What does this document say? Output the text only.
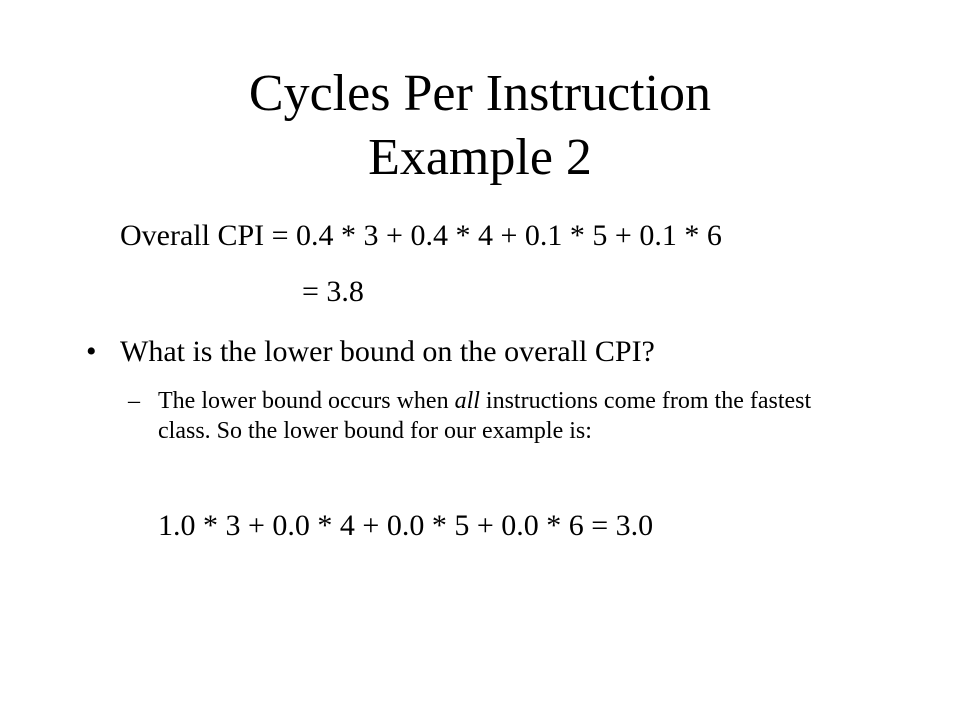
Cycles Per Instruction
Example 2
Overall CPI = 0.4 * 3 + 0.4 * 4 + 0.1 * 5 + 0.1 * 6
= 3.8
• What is the lower bound on the overall CPI?
– The lower bound occurs when all instructions come from the fastest class. So the lower bound for our example is:
1.0 * 3 + 0.0 * 4 + 0.0 * 5 + 0.0 * 6 = 3.0
